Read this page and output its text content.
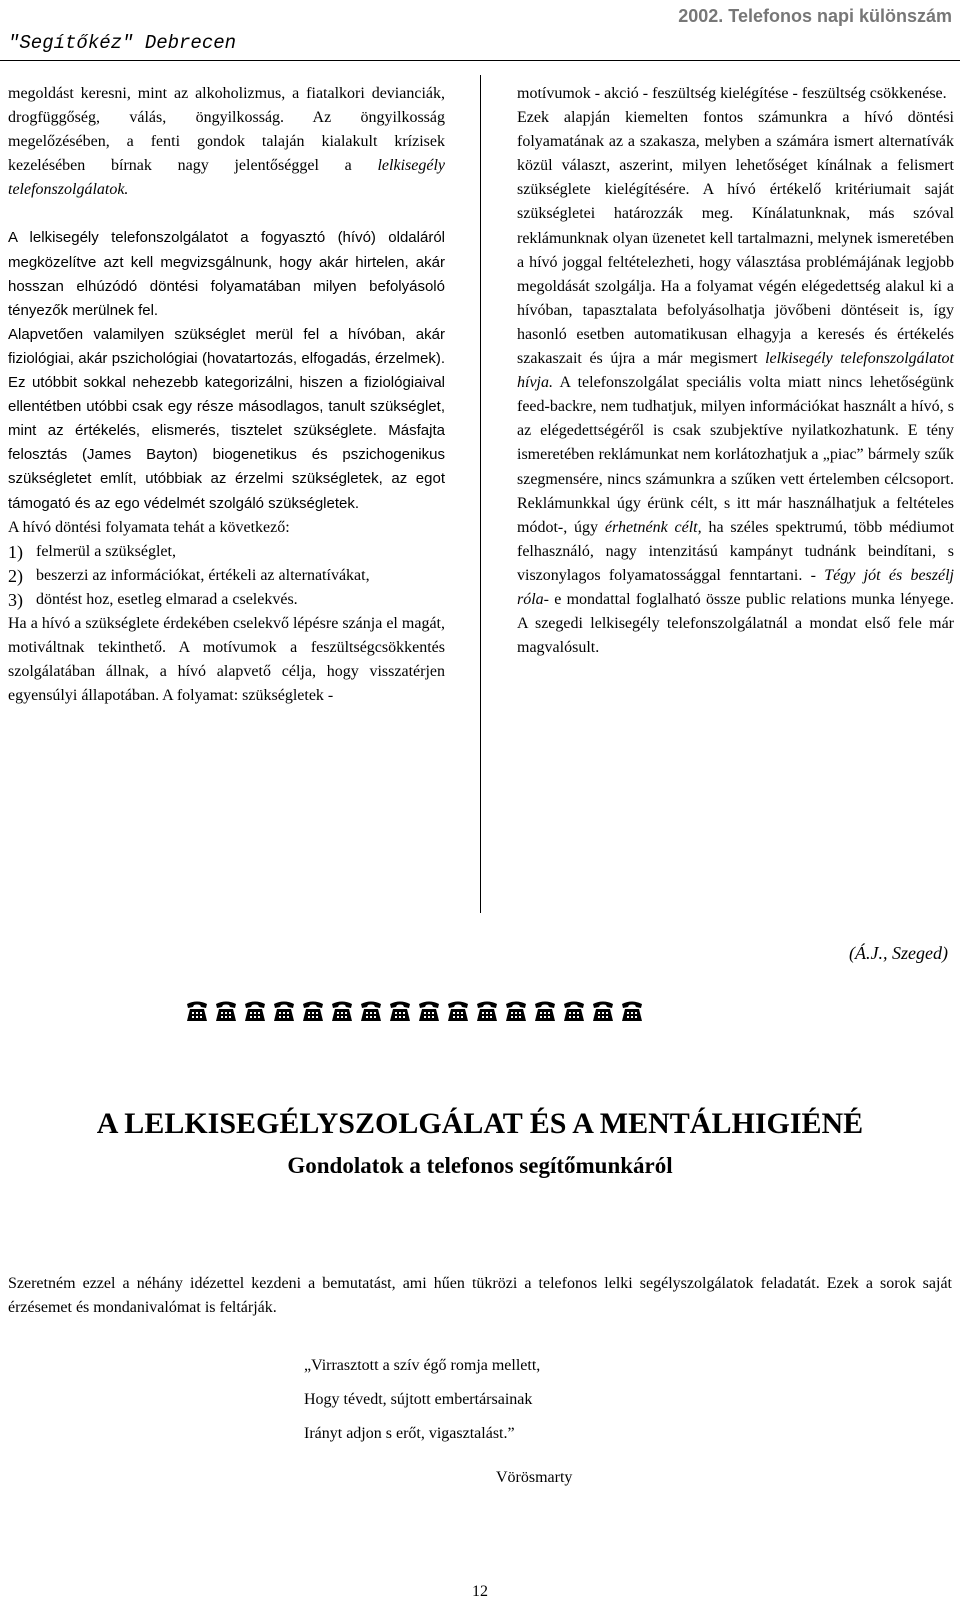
"Segítőkéz" Debrecen
2002. Telefonos napi különszám

megoldást keresni, mint az alkoholizmus, a fiatalkori devianciák, drogfüggőség, válás, öngyilkosság. Az öngyilkosság megelőzésében, a fenti gondok talaján kialakult krízisek kezelésében bírnak nagy jelentőséggel a lelkisegély telefonszolgálatok.

A lelkisegély telefonszolgálatot a fogyasztó (hívó) oldaláról megközelítve azt kell megvizsgálnunk, hogy akár hirtelen, akár hosszan elhúzódó döntési folyamatában milyen befolyásoló tényezők merülnek fel.

Alapvetően valamilyen szükséglet merül fel a hívóban, akár fiziológiai, akár pszichológiai (hovatartozás, elfogadás, érzelmek). Ez utóbbit sokkal nehezebb kategorizálni, hiszen a fiziológiaival ellentétben utóbbi csak egy része másodlagos, tanult szükséglet, mint az értékelés, elismerés, tisztelet szükséglete. Másfajta felosztás (James Bayton) biogenetikus és pszichogenikus szükségletet említ, utóbbiak az érzelmi szükségletek, az egot támogató és az ego védelmét szolgáló szükségletek.

A hívó döntési folyamata tehát a következő:

1) felmerül a szükséglet,
2) beszerzi az információkat, értékeli az alternatívákat,
3) döntést hoz, esetleg elmarad a cselekvés.

Ha a hívó a szükséglete érdekében cselekvő lépésre szánja el magát, motiváltnak tekinthető. A motívumok a feszültségcsökkentés szolgálatában állnak, a hívó alapvető célja, hogy visszatérjen egyensúlyi állapotában. A folyamat: szükségletek -

motívumok - akció - feszültség kielégítése - feszültség csökkenése.

Ezek alapján kiemelten fontos számunkra a hívó döntési folyamatának az a szakasza, melyben a számára ismert alternatívák közül választ, aszerint, milyen lehetőséget kínálnak a felismert szükséglete kielégítésére. A hívó értékelő kritériumait saját szükségletei határozzák meg. Kínálatunknak, más szóval reklámunknak olyan üzenetet kell tartalmazni, melynek ismeretében a hívó joggal feltételezheti, hogy választása problémájának legjobb megoldását szolgálja. Ha a folyamat végén elégedettség alakul ki a hívóban, tapasztalata befolyásolhatja jövőbeni döntéseit is, így hasonló esetben automatikusan elhagyja a keresés és értékelés szakaszait és újra a már megismert lelkisegély telefonszolgálatot hívja. A telefonszolgálat speciális volta miatt nincs lehetőségünk feed-backre, nem tudhatjuk, milyen információkat használt a hívó, s az elégedettségéről is csak szubjektíve nyilatkozhatunk. E tény ismeretében reklámunkat nem korlátozhatjuk a „piac” bármely szűk szegmensére, nincs számunkra a szűken vett értelemben célcsoport. Reklámunkkal úgy érünk célt, s itt már használhatjuk a feltételes módot-, úgy érhetnénk célt, ha széles spektrumú, több médiumot felhasználó, nagy intenzitású kampányt tudnánk beindítani, s viszonylagos folyamatossággal fenntartani. - Tégy jót és beszélj róla- e mondattal foglalható össze public relations munka lényege. A szegedi lelkisegély telefonszolgálatnál a mondat első fele már magvalósult.

(Á.J., Szeged)
A LELKISEGÉLYSZOLGÁLAT ÉS A MENTÁLHIGIÉNÉ
Gondolatok a telefonos segítőmunkáról
Szeretném ezzel a néhány idézettel kezdeni a bemutatást, ami hűen tükrözi a telefonos lelki segélyszolgálatok feladatát. Ezek a sorok saját érzésemet és mondanivalómat is feltárják.
„Virrasztott a szív égő romja mellett,
Hogy tévedt, sújtott embertársainak
Irányt adjon s erőt, vigasztalást.”
Vörösmarty
12
